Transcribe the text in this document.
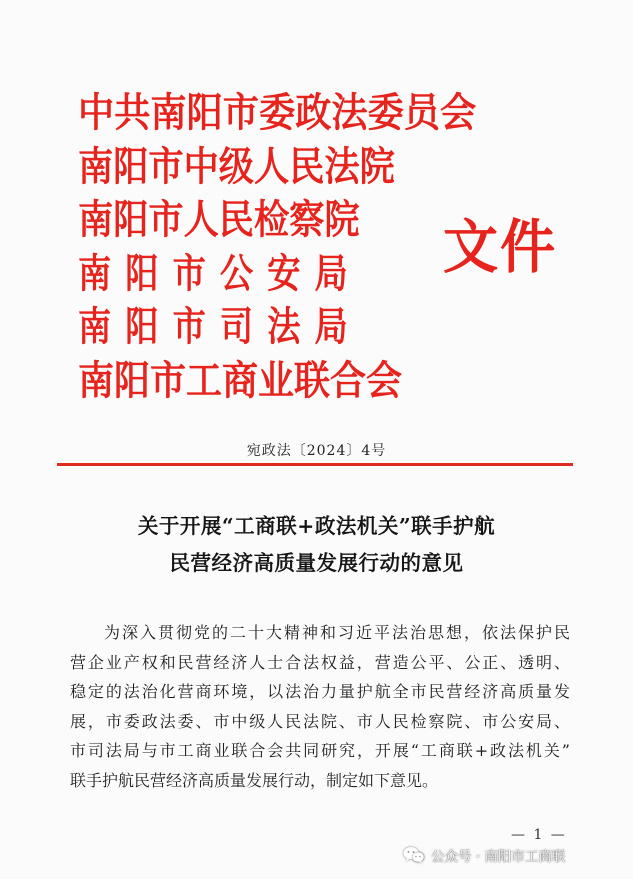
中共南阳市委政法委员会
南阳市中级人民法院
南阳市人民检察院
南阳市公安局
南阳市司法局
南阳市工商业联合会
文件
宛政法〔2024〕4号
关于开展“工商联+政法机关”联手护航
民营经济高质量发展行动的意见
为深入贯彻党的二十大精神和习近平法治思想，依法保护民
营企业产权和民营经济人士合法权益，营造公平、公正、透明、
稳定的法治化营商环境，以法治力量护航全市民营经济高质量发
展，市委政法委、市中级人民法院、市人民检察院、市公安局、
市司法局与市工商业联合会共同研究，开展“工商联+政法机关”
联手护航民营经济高质量发展行动，制定如下意见。
— 1 —
公众号 · 南阳市工商联
